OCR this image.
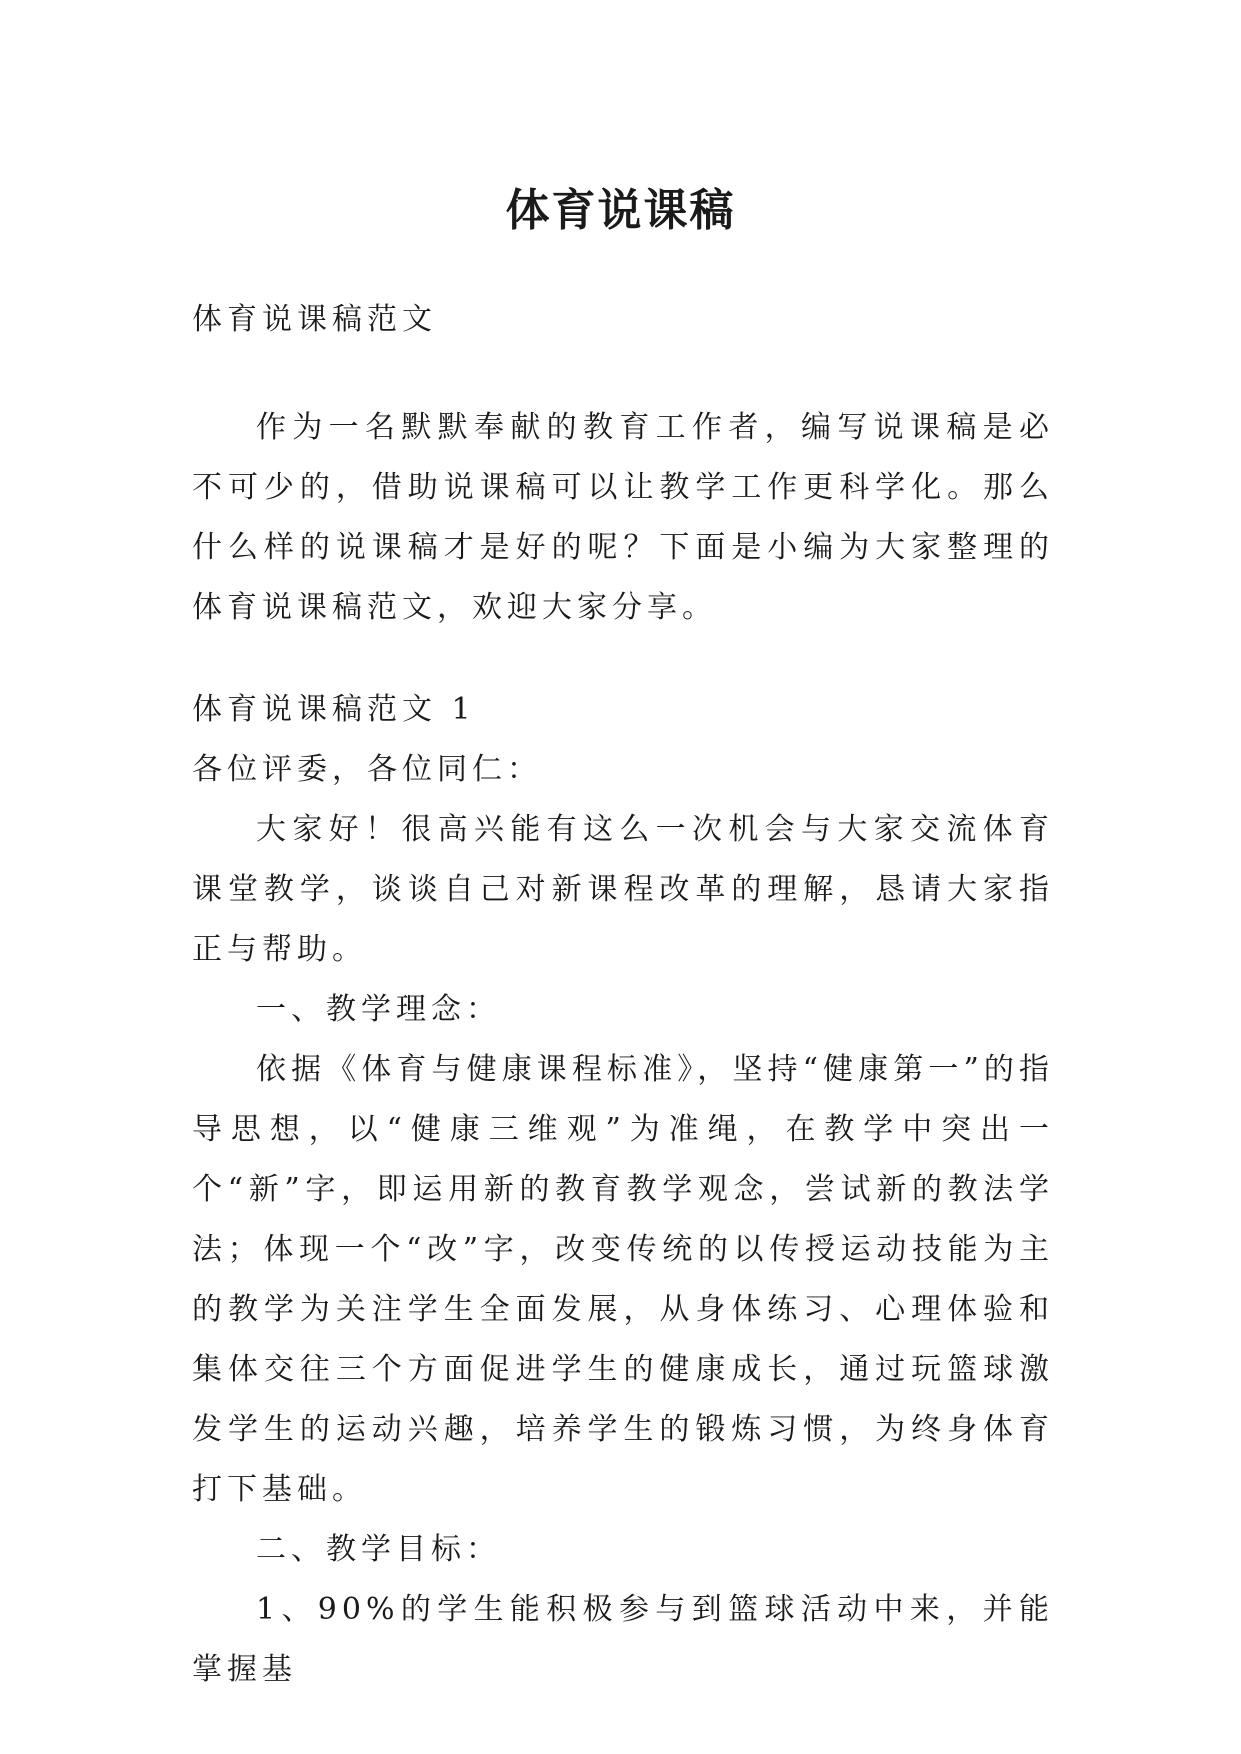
体育说课稿

体育说课稿范文

作为一名默默奉献的教育工作者，编写说课稿是必不可少的，借助说课稿可以让教学工作更科学化。那么什么样的说课稿才是好的呢？下面是小编为大家整理的体育说课稿范文，欢迎大家分享。

体育说课稿范文 1

各位评委，各位同仁：

大家好！很高兴能有这么一次机会与大家交流体育课堂教学，谈谈自己对新课程改革的理解，恳请大家指正与帮助。

一、教学理念：

依据《体育与健康课程标准》，坚持“健康第一”的指导思想，以“健康三维观”为准绳，在教学中突出一个“新”字，即运用新的教育教学观念，尝试新的教法学法；体现一个“改”字，改变传统的以传授运动技能为主的教学为关注学生全面发展，从身体练习、心理体验和集体交往三个方面促进学生的健康成长，通过玩篮球激发学生的运动兴趣，培养学生的锻炼习惯，为终身体育打下基础。

二、教学目标：

1、90%的学生能积极参与到篮球活动中来，并能掌握基
